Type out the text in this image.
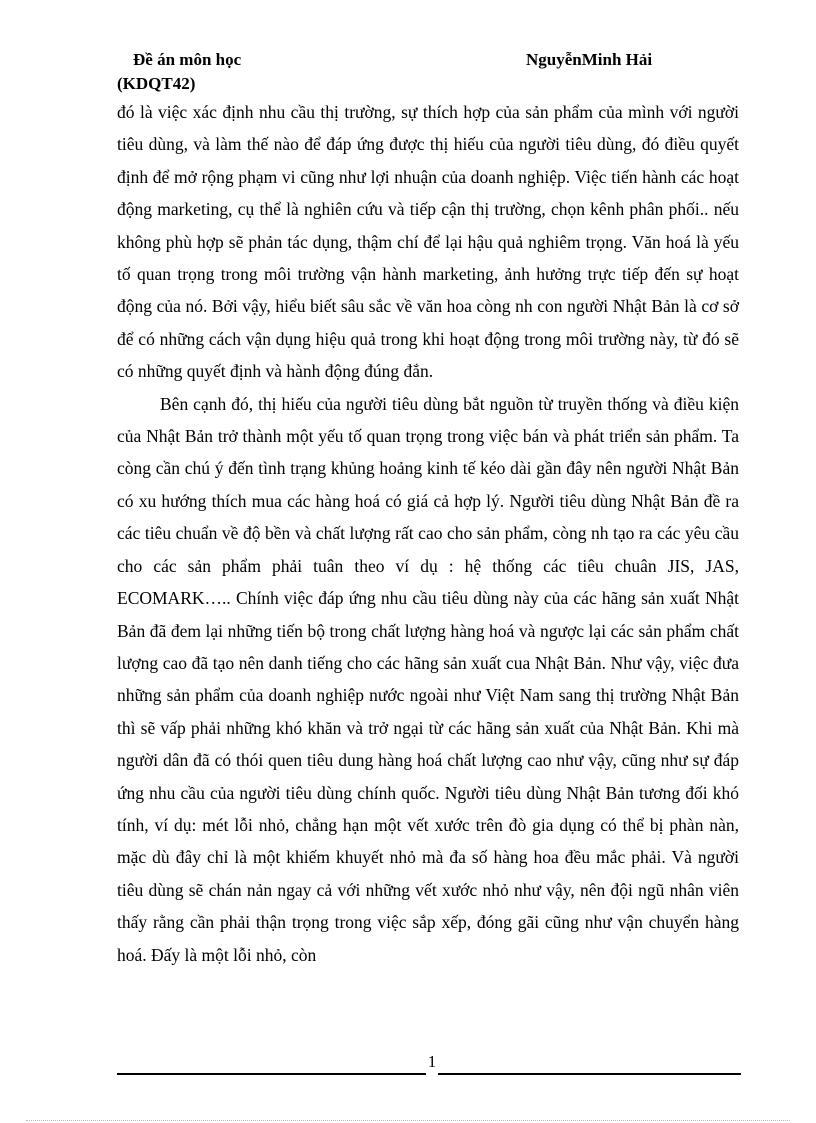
Đề án môn học	NguyễnMinh Hải
(KDQT42)

đó là việc xác định nhu cầu thị trường, sự thích hợp của sản phẩm của mình với người tiêu dùng, và làm thế nào để đáp ứng được thị hiếu của người tiêu dùng, đó điều quyết định để mở rộng phạm vi cũng như lợi nhuận của doanh nghiệp. Việc tiến hành các hoạt động marketing, cụ thể là nghiên cứu và tiếp cận thị trường, chọn kênh phân phối.. nếu không phù hợp sẽ phản tác dụng, thậm chí để lại hậu quả nghiêm trọng. Văn hoá là yếu tố quan trọng trong môi trường vận hành marketing, ảnh hưởng trực tiếp đến sự hoạt động của nó. Bởi vậy, hiểu biết sâu sắc về văn hoa còng nh con người Nhật Bản là cơ sở để có những cách vận dụng hiệu quả trong khi hoạt động trong môi trường này, từ đó sẽ có những quyết định và hành động đúng đắn.

Bên cạnh đó, thị hiếu của người tiêu dùng bắt nguồn từ truyền thống và điều kiện của Nhật Bản trở thành một yếu tố quan trọng trong việc bán và phát triển sản phẩm. Ta còng cần chú ý đến tình trạng khủng hoảng kinh tế kéo dài gần đây nên người Nhật Bản có xu hướng thích mua các hàng hoá có giá cả hợp lý. Người tiêu dùng Nhật Bản đề ra các tiêu chuẩn về độ bền và chất lượng rất cao cho sản phẩm, còng nh tạo ra các yêu cầu cho các sản phẩm phải tuân theo ví dụ : hệ thống các tiêu chuân JIS, JAS, ECOMARK….. Chính việc đáp ứng nhu cầu tiêu dùng này của các hãng sản xuất Nhật Bản đã đem lại những tiến bộ trong chất lượng hàng hoá và ngược lại các sản phẩm chất lượng cao đã tạo nên danh tiếng cho các hãng sản xuất cua Nhật Bản. Như vậy, việc đưa những sản phẩm của doanh nghiệp nước ngoài như Việt Nam sang thị trường Nhật Bản thì sẽ vấp phải những khó khăn và trở ngại từ các hãng sản xuất của Nhật Bản. Khi mà người dân đã có thói quen tiêu dung hàng hoá chất lượng cao như vậy, cũng như sự đáp ứng nhu cầu của người tiêu dùng chính quốc. Người tiêu dùng Nhật Bản tương đối khó tính, ví dụ: mét lỗi nhỏ, chẳng hạn một vết xước trên đò gia dụng có thể bị phàn nàn, mặc dù đây chỉ là một khiếm khuyết nhỏ mà đa số hàng hoa đều mắc phải. Và người tiêu dùng sẽ chán nản ngay cả với những vết xước nhỏ như vậy, nên đội ngũ nhân viên thấy rằng cần phải thận trọng trong việc sắp xếp, đóng gãi cũng như vận chuyển hàng hoá. Đấy là một lỗi nhỏ, còn

1
